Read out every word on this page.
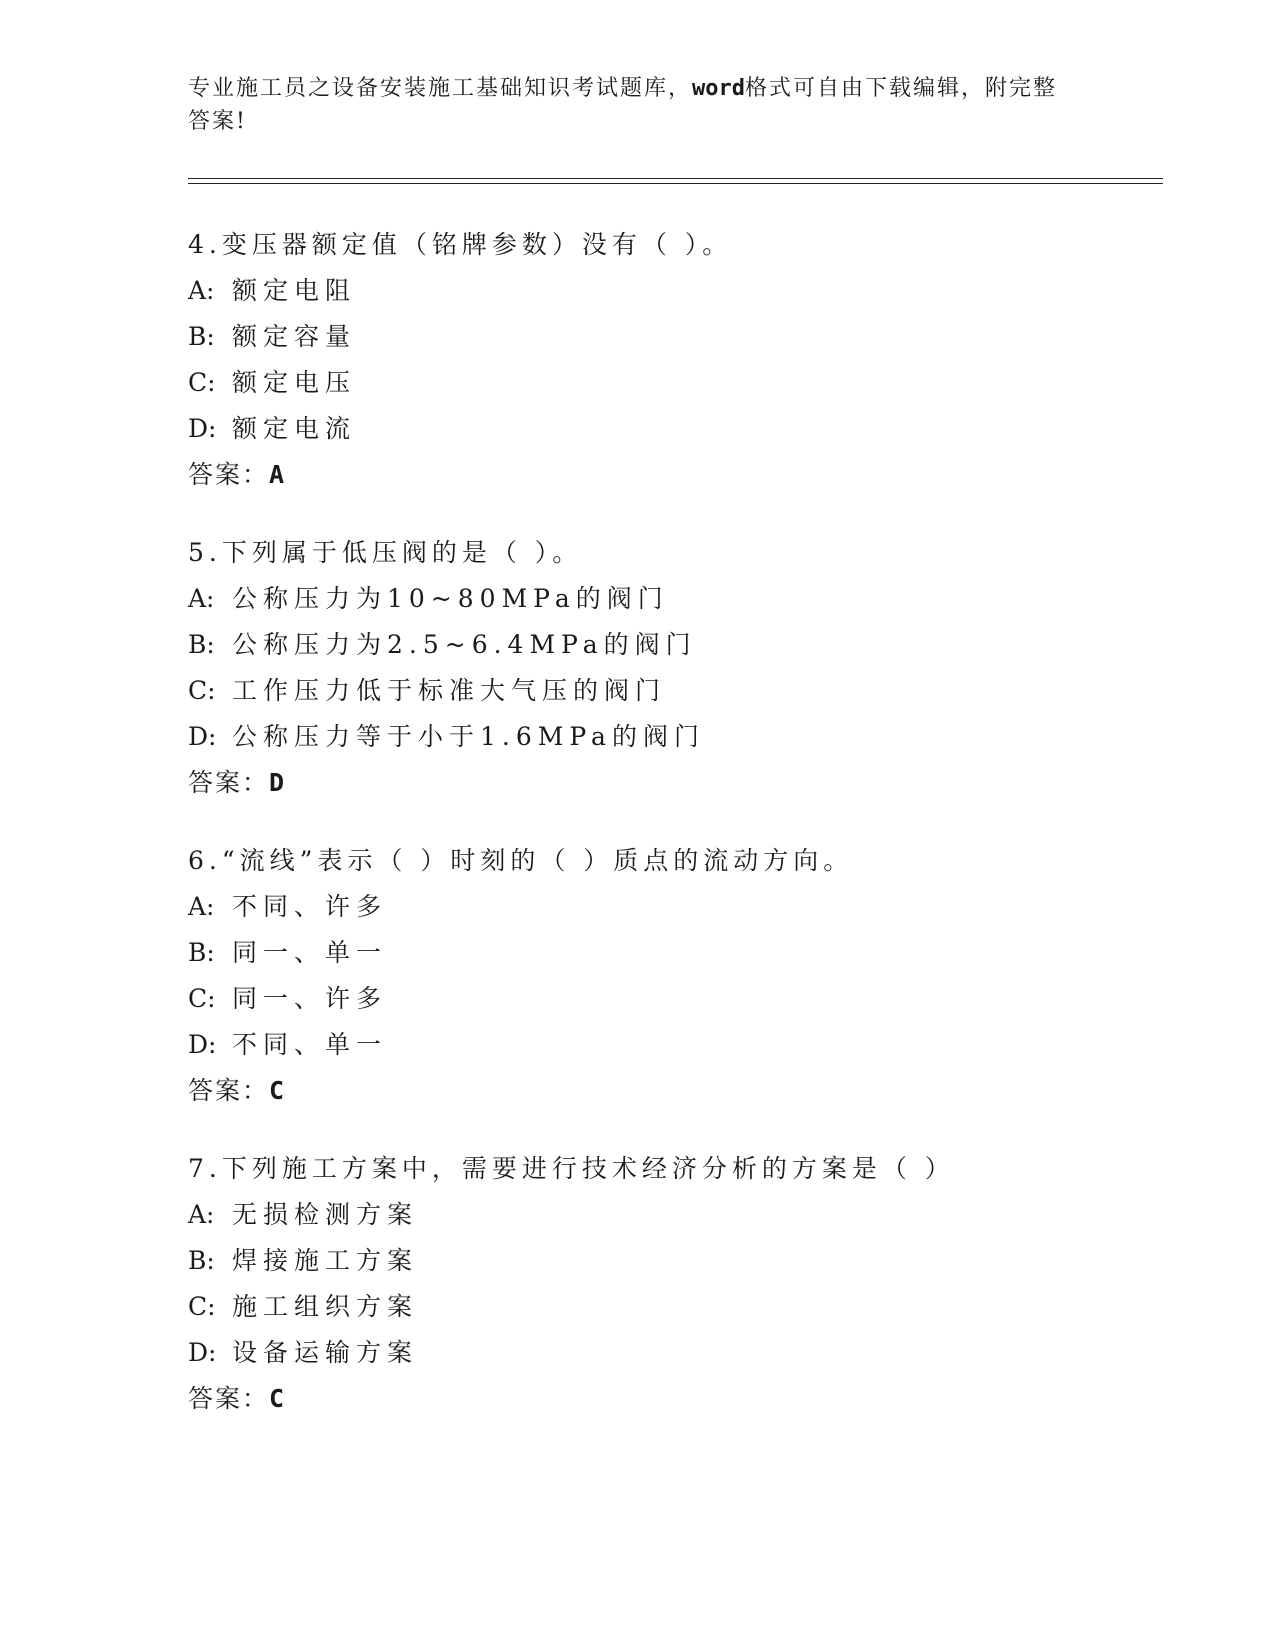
专业施工员之设备安装施工基础知识考试题库，word格式可自由下载编辑，附完整答案!
4.变压器额定值（铭牌参数）没有（ ）。
A: 额定电阻
B: 额定容量
C: 额定电压
D: 额定电流
答案：A
5.下列属于低压阀的是（ ）。
A: 公称压力为10~80MPa的阀门
B: 公称压力为2.5~6.4MPa的阀门
C: 工作压力低于标准大气压的阀门
D: 公称压力等于小于1.6MPa的阀门
答案：D
6.“流线”表示（ ）时刻的（ ）质点的流动方向。
A: 不同、许多
B: 同一、单一
C: 同一、许多
D: 不同、单一
答案：C
7.下列施工方案中，需要进行技术经济分析的方案是（ ）
A: 无损检测方案
B: 焊接施工方案
C: 施工组织方案
D: 设备运输方案
答案：C
